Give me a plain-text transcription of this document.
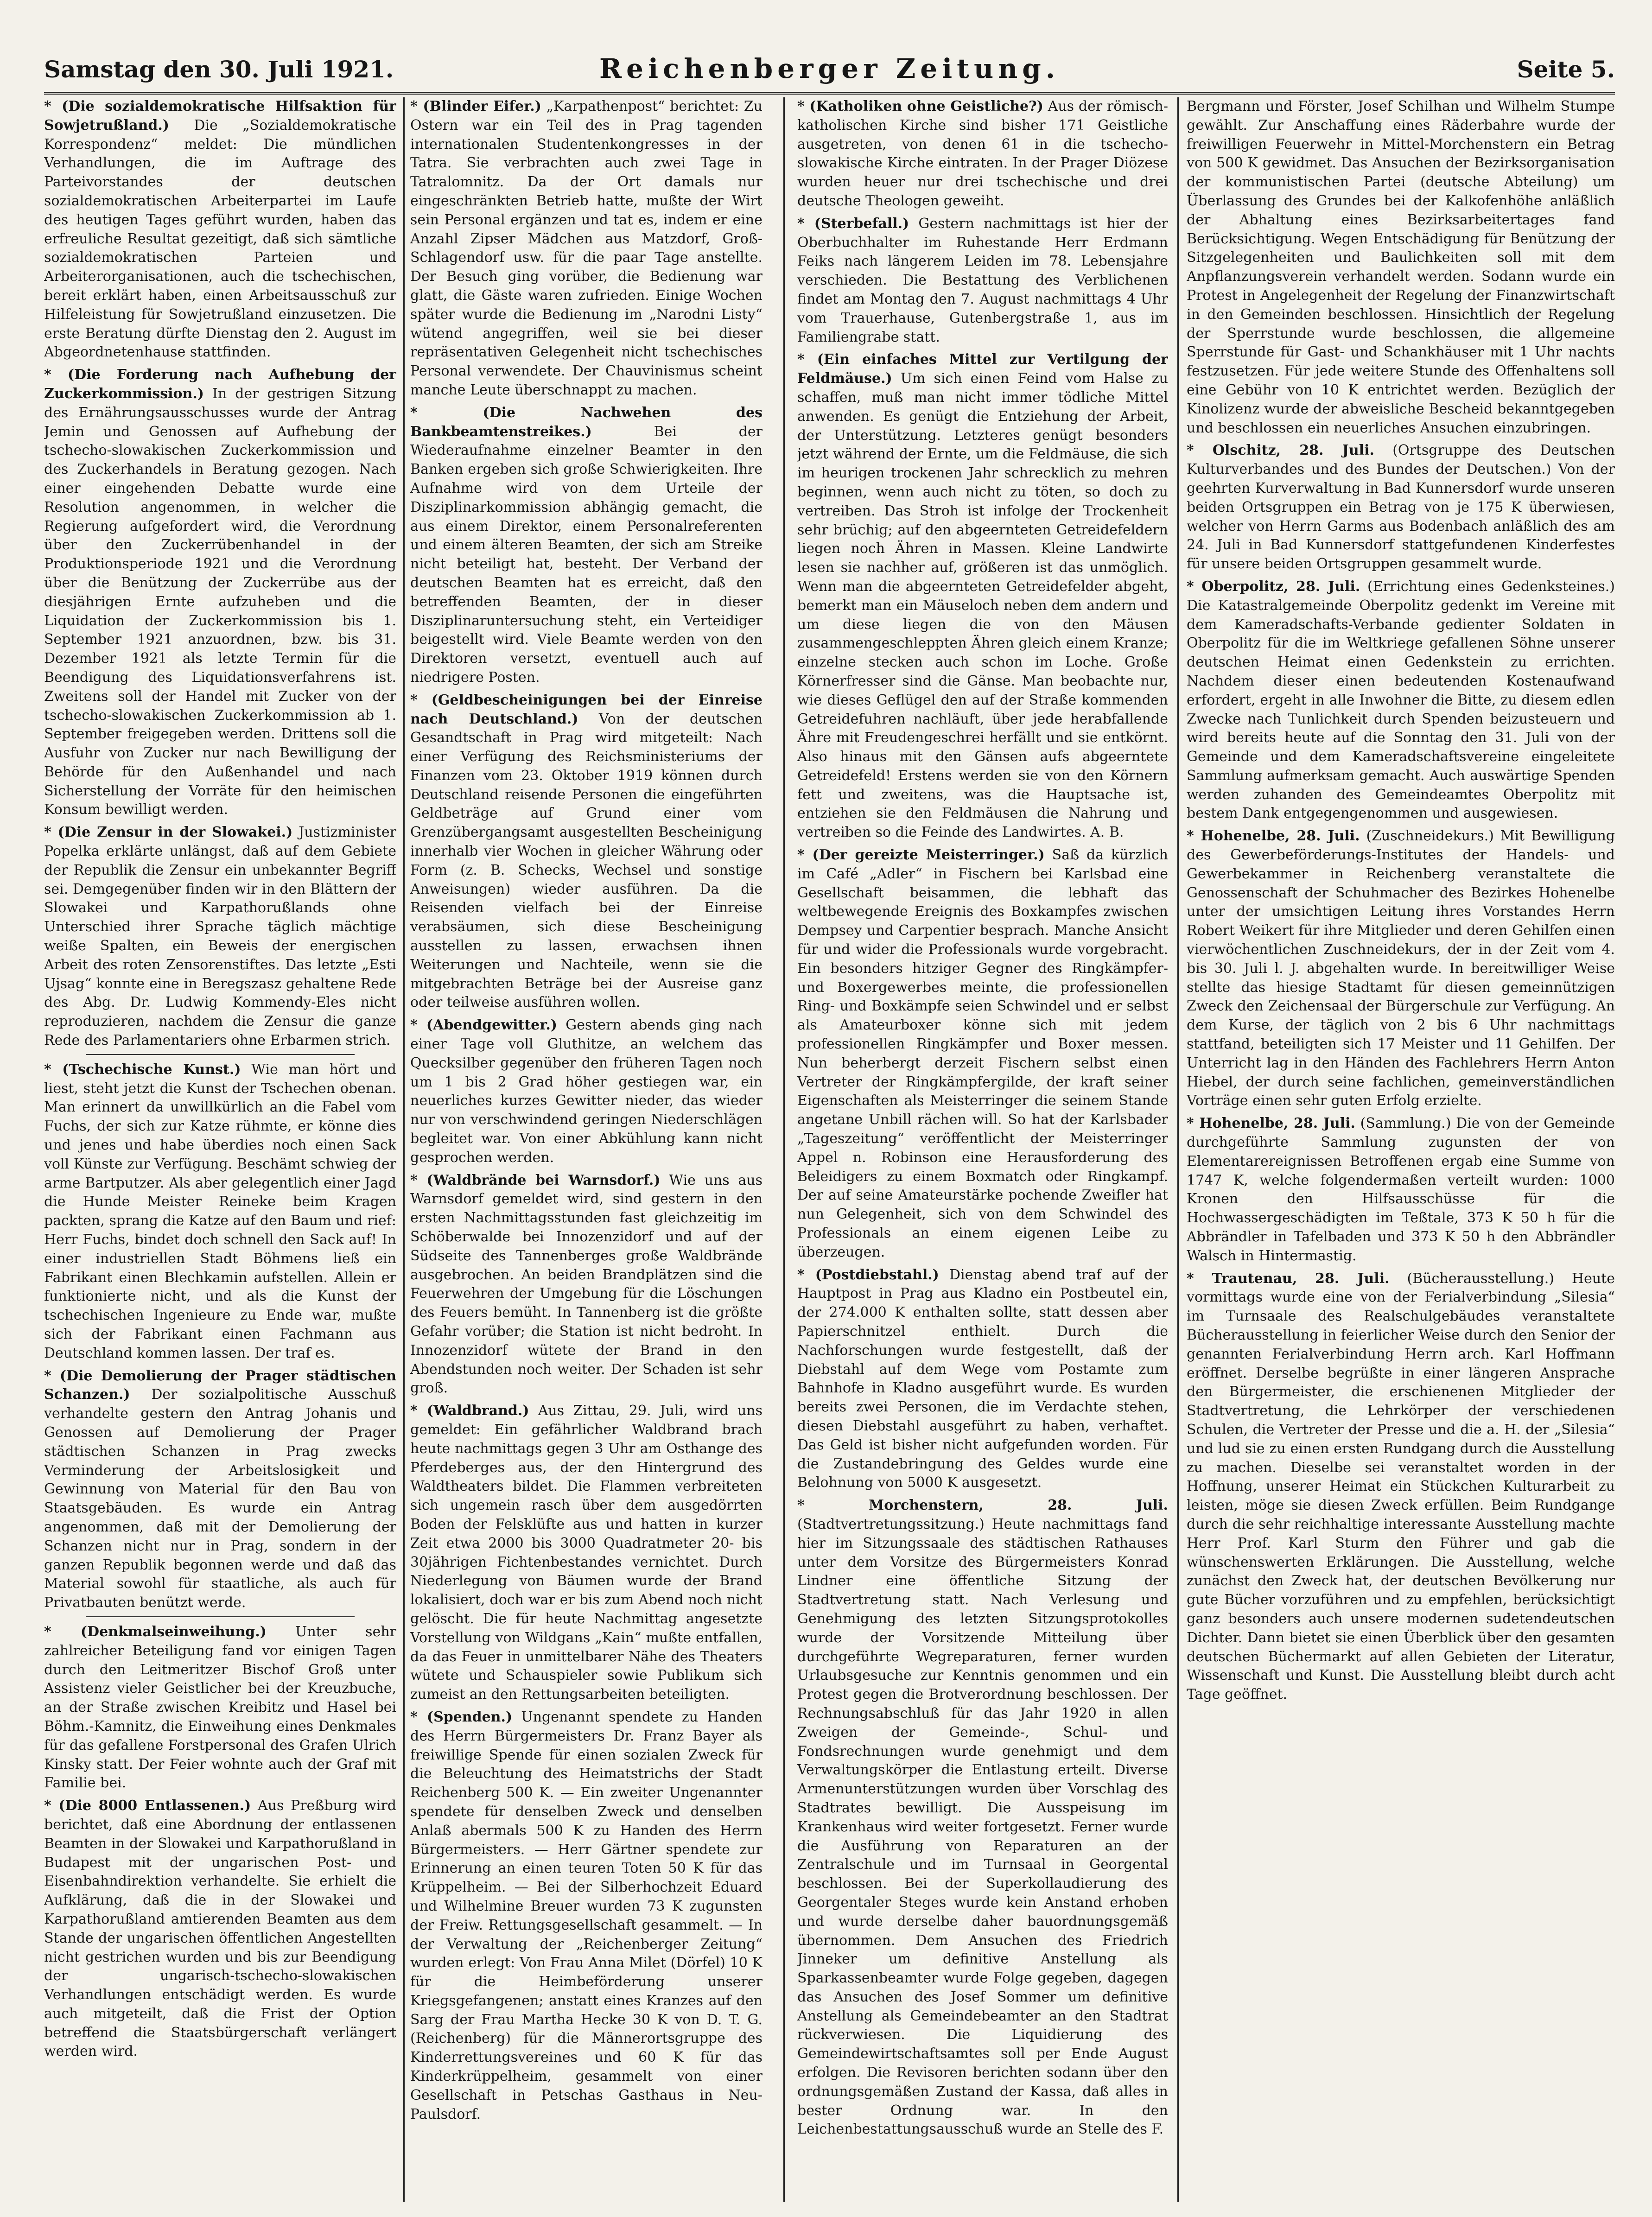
Samstag den 30. Juli 1921.	Reichenberger Zeitung.	Seite 5.

* (Die sozialdemokratische Hilfsaktion für Sowjetrußland.) Die „Sozialdemokratische Korrespondenz“ meldet: Die mündlichen Verhandlungen, die im Auftrage des Parteivorstandes der deutschen sozialdemokratischen Arbeiterpartei im Laufe des heutigen Tages geführt wurden, haben das erfreuliche Resultat gezeitigt, daß sich sämtliche sozialdemokratischen Parteien und Arbeiterorganisationen, auch die tschechischen, bereit erklärt haben, einen Arbeitsausschuß zur Hilfeleistung für Sowjetrußland einzusetzen. Die erste Beratung dürfte Dienstag den 2. August im Abgeordnetenhause stattfinden.

* (Die Forderung nach Aufhebung der Zuckerkommission.) In der gestrigen Sitzung des Ernährungsausschusses wurde der Antrag Jemin und Genossen auf Aufhebung der tschecho-slowakischen Zuckerkommission und des Zuckerhandels in Beratung gezogen. Nach einer eingehenden Debatte wurde eine Resolution angenommen, in welcher die Regierung aufgefordert wird, die Verordnung über den Zuckerrübenhandel in der Produktionsperiode 1921 und die Verordnung über die Benützung der Zuckerrübe aus der diesjährigen Ernte aufzuheben und die Liquidation der Zuckerkommission bis 1. September 1921 anzuordnen, bzw. bis 31. Dezember 1921 als letzte Termin für die Beendigung des Liquidationsverfahrens ist. Zweitens soll der Handel mit Zucker von der tschecho-slowakischen Zuckerkommission ab 1. September freigegeben werden. Drittens soll die Ausfuhr von Zucker nur nach Bewilligung der Behörde für den Außenhandel und nach Sicherstellung der Vorräte für den heimischen Konsum bewilligt werden.

* (Die Zensur in der Slowakei.) Justizminister Popelka erklärte unlängst, daß auf dem Gebiete der Republik die Zensur ein unbekannter Begriff sei. Demgegenüber finden wir in den Blättern der Slowakei und Karpathorußlands ohne Unterschied ihrer Sprache täglich mächtige weiße Spalten, ein Beweis der energischen Arbeit des roten Zensorenstiftes. Das letzte „Esti Ujsag“ konnte eine in Beregszasz gehaltene Rede des Abg. Dr. Ludwig Kommendy-Eles nicht reproduzieren, nachdem die Zensur die ganze Rede des Parlamentariers ohne Erbarmen strich.

* (Tschechische Kunst.) Wie man hört und liest, steht jetzt die Kunst der Tschechen obenan. Man erinnert da unwillkürlich an die Fabel vom Fuchs, der sich zur Katze rühmte, er könne dies und jenes und habe überdies noch einen Sack voll Künste zur Verfügung. Beschämt schwieg der arme Bartputzer. Als aber gelegentlich einer Jagd die Hunde Meister Reineke beim Kragen packten, sprang die Katze auf den Baum und rief: Herr Fuchs, bindet doch schnell den Sack auf! In einer industriellen Stadt Böhmens ließ ein Fabrikant einen Blechkamin aufstellen. Allein er funktionierte nicht, und als die Kunst der tschechischen Ingenieure zu Ende war, mußte sich der Fabrikant einen Fachmann aus Deutschland kommen lassen. Der traf es.

* (Die Demolierung der Prager städtischen Schanzen.) Der sozialpolitische Ausschuß verhandelte gestern den Antrag Johanis und Genossen auf Demolierung der Prager städtischen Schanzen in Prag zwecks Verminderung der Arbeitslosigkeit und Gewinnung von Material für den Bau von Staatsgebäuden. Es wurde ein Antrag angenommen, daß mit der Demolierung der Schanzen nicht nur in Prag, sondern in der ganzen Republik begonnen werde und daß das Material sowohl für staatliche, als auch für Privatbauten benützt werde.

* (Denkmalseinweihung.) Unter sehr zahlreicher Beteiligung fand vor einigen Tagen durch den Leitmeritzer Bischof Groß unter Assistenz vieler Geistlicher bei der Kreuzbuche, an der Straße zwischen Kreibitz und Hasel bei Böhm.-Kamnitz, die Einweihung eines Denkmales für das gefallene Forstpersonal des Grafen Ulrich Kinsky statt. Der Feier wohnte auch der Graf mit Familie bei.

* (Die 8000 Entlassenen.) Aus Preßburg wird berichtet, daß eine Abordnung der entlassenen Beamten in der Slowakei und Karpathorußland in Budapest mit der ungarischen Post- und Eisenbahndirektion verhandelte. Sie erhielt die Aufklärung, daß die in der Slowakei und Karpathorußland amtierenden Beamten aus dem Stande der ungarischen öffentlichen Angestellten nicht gestrichen wurden und bis zur Beendigung der ungarisch-tschecho-slowakischen Verhandlungen entschädigt werden. Es wurde auch mitgeteilt, daß die Frist der Option betreffend die Staatsbürgerschaft verlängert werden wird.

* (Blinder Eifer.) „Karpathenpost“ berichtet: Zu Ostern war ein Teil des in Prag tagenden internationalen Studentenkongresses in der Tatra. Sie verbrachten auch zwei Tage in Tatralomnitz. Da der Ort damals nur eingeschränkten Betrieb hatte, mußte der Wirt sein Personal ergänzen und tat es, indem er eine Anzahl Zipser Mädchen aus Matzdorf, Groß-Schlagendorf usw. für die paar Tage anstellte. Der Besuch ging vorüber, die Bedienung war glatt, die Gäste waren zufrieden. Einige Wochen später wurde die Bedienung im „Narodni Listy“ wütend angegriffen, weil sie bei dieser repräsentativen Gelegenheit nicht tschechisches Personal verwendete. Der Chauvinismus scheint manche Leute überschnappt zu machen.

* (Die Nachwehen des Bankbeamtenstreikes.) Bei der Wiederaufnahme einzelner Beamter in den Banken ergeben sich große Schwierigkeiten. Ihre Aufnahme wird von dem Urteile der Disziplinarkommission abhängig gemacht, die aus einem Direktor, einem Personalreferenten und einem älteren Beamten, der sich am Streike nicht beteiligt hat, besteht. Der Verband der deutschen Beamten hat es erreicht, daß den betreffenden Beamten, der in dieser Disziplinaruntersuchung steht, ein Verteidiger beigestellt wird. Viele Beamte werden von den Direktoren versetzt, eventuell auch auf niedrigere Posten.

* (Geldbescheinigungen bei der Einreise nach Deutschland.) Von der deutschen Gesandtschaft in Prag wird mitgeteilt: Nach einer Verfügung des Reichsministeriums der Finanzen vom 23. Oktober 1919 können durch Deutschland reisende Personen die eingeführten Geldbeträge auf Grund einer vom Grenzübergangsamt ausgestellten Bescheinigung innerhalb vier Wochen in gleicher Währung oder Form (z. B. Schecks, Wechsel und sonstige Anweisungen) wieder ausführen. Da die Reisenden vielfach bei der Einreise verabsäumen, sich diese Bescheinigung ausstellen zu lassen, erwachsen ihnen Weiterungen und Nachteile, wenn sie die mitgebrachten Beträge bei der Ausreise ganz oder teilweise ausführen wollen.

* (Abendgewitter.) Gestern abends ging nach einer Tage voll Gluthitze, an welchem das Quecksilber gegenüber den früheren Tagen noch um 1 bis 2 Grad höher gestiegen war, ein neuerliches kurzes Gewitter nieder, das wieder nur von verschwindend geringen Niederschlägen begleitet war. Von einer Abkühlung kann nicht gesprochen werden.

* (Waldbrände bei Warnsdorf.) Wie uns aus Warnsdorf gemeldet wird, sind gestern in den ersten Nachmittagsstunden fast gleichzeitig im Schöberwalde bei Innozenzidorf und auf der Südseite des Tannenberges große Waldbrände ausgebrochen. An beiden Brandplätzen sind die Feuerwehren der Umgebung für die Löschungen des Feuers bemüht. In Tannenberg ist die größte Gefahr vorüber; die Station ist nicht bedroht. In Innozenzidorf wütete der Brand in den Abendstunden noch weiter. Der Schaden ist sehr groß.

* (Waldbrand.) Aus Zittau, 29. Juli, wird uns gemeldet: Ein gefährlicher Waldbrand brach heute nachmittags gegen 3 Uhr am Osthange des Pferdeberges aus, der den Hintergrund des Waldtheaters bildet. Die Flammen verbreiteten sich ungemein rasch über dem ausgedörrten Boden der Felsklüfte aus und hatten in kurzer Zeit etwa 2000 bis 3000 Quadratmeter 20- bis 30jährigen Fichtenbestandes vernichtet. Durch Niederlegung von Bäumen wurde der Brand lokalisiert, doch war er bis zum Abend noch nicht gelöscht. Die für heute Nachmittag angesetzte Vorstellung von Wildgans „Kain“ mußte entfallen, da das Feuer in unmittelbarer Nähe des Theaters wütete und Schauspieler sowie Publikum sich zumeist an den Rettungsarbeiten beteiligten.

* (Spenden.) Ungenannt spendete zu Handen des Herrn Bürgermeisters Dr. Franz Bayer als freiwillige Spende für einen sozialen Zweck für die Beleuchtung des Heimatstrichs der Stadt Reichenberg 500 K. — Ein zweiter Ungenannter spendete für denselben Zweck und denselben Anlaß abermals 500 K zu Handen des Herrn Bürgermeisters. — Herr Gärtner spendete zur Erinnerung an einen teuren Toten 50 K für das Krüppelheim. — Bei der Silberhochzeit Eduard und Wilhelmine Breuer wurden 73 K zugunsten der Freiw. Rettungsgesellschaft gesammelt. — In der Verwaltung der „Reichenberger Zeitung“ wurden erlegt: Von Frau Anna Milet (Dörfel) 10 K für die Heimbeförderung unserer Kriegsgefangenen; anstatt eines Kranzes auf den Sarg der Frau Martha Hecke 30 K von D. T. G. (Reichenberg) für die Männerortsgruppe des Kinderrettungsvereines und 60 K für das Kinderkrüppelheim, gesammelt von einer Gesellschaft in Petschas Gasthaus in Neu-Paulsdorf.

* (Katholiken ohne Geistliche?) Aus der römisch-katholischen Kirche sind bisher 171 Geistliche ausgetreten, von denen 61 in die tschecho-slowakische Kirche eintraten. In der Prager Diözese wurden heuer nur drei tschechische und drei deutsche Theologen geweiht.

* (Sterbefall.) Gestern nachmittags ist hier der Oberbuchhalter im Ruhestande Herr Erdmann Feiks nach längerem Leiden im 78. Lebensjahre verschieden. Die Bestattung des Verblichenen findet am Montag den 7. August nachmittags 4 Uhr vom Trauerhause, Gutenbergstraße 1, aus im Familiengrabe statt.

* (Ein einfaches Mittel zur Vertilgung der Feldmäuse.) Um sich einen Feind vom Halse zu schaffen, muß man nicht immer tödliche Mittel anwenden. Es genügt die Entziehung der Arbeit, der Unterstützung. Letzteres genügt besonders jetzt während der Ernte, um die Feldmäuse, die sich im heurigen trockenen Jahr schrecklich zu mehren beginnen, wenn auch nicht zu töten, so doch zu vertreiben. Das Stroh ist infolge der Trockenheit sehr brüchig; auf den abgeernteten Getreidefeldern liegen noch Ähren in Massen. Kleine Landwirte lesen sie nachher auf, größeren ist das unmöglich. Wenn man die abgeernteten Getreidefelder abgeht, bemerkt man ein Mäuseloch neben dem andern und um diese liegen die von den Mäusen zusammengeschleppten Ähren gleich einem Kranze; einzelne stecken auch schon im Loche. Große Körnerfresser sind die Gänse. Man beobachte nur, wie dieses Geflügel den auf der Straße kommenden Getreidefuhren nachläuft, über jede herabfallende Ähre mit Freudengeschrei herfällt und sie entkörnt. Also hinaus mit den Gänsen aufs abgeerntete Getreidefeld! Erstens werden sie von den Körnern fett und zweitens, was die Hauptsache ist, entziehen sie den Feldmäusen die Nahrung und vertreiben so die Feinde des Landwirtes. A. B.

* (Der gereizte Meisterringer.) Saß da kürzlich im Café „Adler“ in Fischern bei Karlsbad eine Gesellschaft beisammen, die lebhaft das weltbewegende Ereignis des Boxkampfes zwischen Dempsey und Carpentier besprach. Manche Ansicht für und wider die Professionals wurde vorgebracht. Ein besonders hitziger Gegner des Ringkämpfer- und Boxergewerbes meinte, die professionellen Ring- und Boxkämpfe seien Schwindel und er selbst als Amateurboxer könne sich mit jedem professionellen Ringkämpfer und Boxer messen. Nun beherbergt derzeit Fischern selbst einen Vertreter der Ringkämpfergilde, der kraft seiner Eigenschaften als Meisterringer die seinem Stande angetane Unbill rächen will. So hat der Karlsbader „Tageszeitung“ veröffentlicht der Meisterringer Appel n. Robinson eine Herausforderung des Beleidigers zu einem Boxmatch oder Ringkampf. Der auf seine Amateurstärke pochende Zweifler hat nun Gelegenheit, sich von dem Schwindel des Professionals an einem eigenen Leibe zu überzeugen.

* (Postdiebstahl.) Dienstag abend traf auf der Hauptpost in Prag aus Kladno ein Postbeutel ein, der 274.000 K enthalten sollte, statt dessen aber Papierschnitzel enthielt. Durch die Nachforschungen wurde festgestellt, daß der Diebstahl auf dem Wege vom Postamte zum Bahnhofe in Kladno ausgeführt wurde. Es wurden bereits zwei Personen, die im Verdachte stehen, diesen Diebstahl ausgeführt zu haben, verhaftet. Das Geld ist bisher nicht aufgefunden worden. Für die Zustandebringung des Geldes wurde eine Belohnung von 5000 K ausgesetzt.

* Morchenstern, 28. Juli. (Stadtvertretungssitzung.) Heute nachmittags fand hier im Sitzungssaale des städtischen Rathauses unter dem Vorsitze des Bürgermeisters Konrad Lindner eine öffentliche Sitzung der Stadtvertretung statt. Nach Verlesung und Genehmigung des letzten Sitzungsprotokolles wurde der Vorsitzende Mitteilung über durchgeführte Wegreparaturen, ferner wurden Urlaubsgesuche zur Kenntnis genommen und ein Protest gegen die Brotverordnung beschlossen. Der Rechnungsabschluß für das Jahr 1920 in allen Zweigen der Gemeinde-, Schul- und Fondsrechnungen wurde genehmigt und dem Verwaltungskörper die Entlastung erteilt. Diverse Armenunterstützungen wurden über Vorschlag des Stadtrates bewilligt. Die Ausspeisung im Krankenhaus wird weiter fortgesetzt. Ferner wurde die Ausführung von Reparaturen an der Zentralschule und im Turnsaal in Georgental beschlossen. Bei der Superkollaudierung des Georgentaler Steges wurde kein Anstand erhoben und wurde derselbe daher bauordnungsgemäß übernommen. Dem Ansuchen des Friedrich Jinneker um definitive Anstellung als Sparkassenbeamter wurde Folge gegeben, dagegen das Ansuchen des Josef Sommer um definitive Anstellung als Gemeindebeamter an den Stadtrat rückverwiesen. Die Liquidierung des Gemeindewirtschaftsamtes soll per Ende August erfolgen. Die Revisoren berichten sodann über den ordnungsgemäßen Zustand der Kassa, daß alles in bester Ordnung war. In den Leichenbestattungsausschuß wurde an Stelle des F.

Bergmann und Förster, Josef Schilhan und Wilhelm Stumpe gewählt. Zur Anschaffung eines Räderbahre wurde der freiwilligen Feuerwehr in Mittel-Morchenstern ein Betrag von 500 K gewidmet. Das Ansuchen der Bezirksorganisation der kommunistischen Partei (deutsche Abteilung) um Überlassung des Grundes bei der Kalkofenhöhe anläßlich der Abhaltung eines Bezirksarbeitertages fand Berücksichtigung. Wegen Entschädigung für Benützung der Sitzgelegenheiten und Baulichkeiten soll mit dem Anpflanzungsverein verhandelt werden. Sodann wurde ein Protest in Angelegenheit der Regelung der Finanzwirtschaft in den Gemeinden beschlossen. Hinsichtlich der Regelung der Sperrstunde wurde beschlossen, die allgemeine Sperrstunde für Gast- und Schankhäuser mit 1 Uhr nachts festzusetzen. Für jede weitere Stunde des Offenhaltens soll eine Gebühr von 10 K entrichtet werden. Bezüglich der Kinolizenz wurde der abweisliche Bescheid bekanntgegeben und beschlossen ein neuerliches Ansuchen einzubringen.

* Olschitz, 28. Juli. (Ortsgruppe des Deutschen Kulturverbandes und des Bundes der Deutschen.) Von der geehrten Kurverwaltung in Bad Kunnersdorf wurde unseren beiden Ortsgruppen ein Betrag von je 175 K überwiesen, welcher von Herrn Garms aus Bodenbach anläßlich des am 24. Juli in Bad Kunnersdorf stattgefundenen Kinderfestes für unsere beiden Ortsgruppen gesammelt wurde.

* Oberpolitz, 28. Juli. (Errichtung eines Gedenksteines.) Die Katastralgemeinde Oberpolitz gedenkt im Vereine mit dem Kameradschafts-Verbande gedienter Soldaten in Oberpolitz für die im Weltkriege gefallenen Söhne unserer deutschen Heimat einen Gedenkstein zu errichten. Nachdem dieser einen bedeutenden Kostenaufwand erfordert, ergeht in alle Inwohner die Bitte, zu diesem edlen Zwecke nach Tunlichkeit durch Spenden beizusteuern und wird bereits heute auf die Sonntag den 31. Juli von der Gemeinde und dem Kameradschaftsvereine eingeleitete Sammlung aufmerksam gemacht. Auch auswärtige Spenden werden zuhanden des Gemeindeamtes Oberpolitz mit bestem Dank entgegengenommen und ausgewiesen.

* Hohenelbe, 28. Juli. (Zuschneidekurs.) Mit Bewilligung des Gewerbeförderungs-Institutes der Handels- und Gewerbekammer in Reichenberg veranstaltete die Genossenschaft der Schuhmacher des Bezirkes Hohenelbe unter der umsichtigen Leitung ihres Vorstandes Herrn Robert Weikert für ihre Mitglieder und deren Gehilfen einen vierwöchentlichen Zuschneidekurs, der in der Zeit vom 4. bis 30. Juli l. J. abgehalten wurde. In bereitwilliger Weise stellte das hiesige Stadtamt für diesen gemeinnützigen Zweck den Zeichensaal der Bürgerschule zur Verfügung. An dem Kurse, der täglich von 2 bis 6 Uhr nachmittags stattfand, beteiligten sich 17 Meister und 11 Gehilfen. Der Unterricht lag in den Händen des Fachlehrers Herrn Anton Hiebel, der durch seine fachlichen, gemeinverständlichen Vorträge einen sehr guten Erfolg erzielte.

* Hohenelbe, 28. Juli. (Sammlung.) Die von der Gemeinde durchgeführte Sammlung zugunsten der von Elementarereignissen Betroffenen ergab eine Summe von 1747 K, welche folgendermaßen verteilt wurden: 1000 Kronen den Hilfsausschüsse für die Hochwassergeschädigten im Teßtale, 373 K 50 h für die Abbrändler in Tafelbaden und 373 K 50 h den Abbrändler Walsch in Hintermastig.

* Trautenau, 28. Juli. (Bücherausstellung.) Heute vormittags wurde eine von der Ferialverbindung „Silesia“ im Turnsaale des Realschulgebäudes veranstaltete Bücherausstellung in feierlicher Weise durch den Senior der genannten Ferialverbindung Herrn arch. Karl Hoffmann eröffnet. Derselbe begrüßte in einer längeren Ansprache den Bürgermeister, die erschienenen Mitglieder der Stadtvertretung, die Lehrkörper der verschiedenen Schulen, die Vertreter der Presse und die a. H. der „Silesia“ und lud sie zu einen ersten Rundgang durch die Ausstellung zu machen. Dieselbe sei veranstaltet worden in der Hoffnung, unserer Heimat ein Stückchen Kulturarbeit zu leisten, möge sie diesen Zweck erfüllen. Beim Rundgange durch die sehr reichhaltige interessante Ausstellung machte Herr Prof. Karl Sturm den Führer und gab die wünschenswerten Erklärungen. Die Ausstellung, welche zunächst den Zweck hat, der deutschen Bevölkerung nur gute Bücher vorzuführen und zu empfehlen, berücksichtigt ganz besonders auch unsere modernen sudetendeutschen Dichter. Dann bietet sie einen Überblick über den gesamten deutschen Büchermarkt auf allen Gebieten der Literatur, Wissenschaft und Kunst. Die Ausstellung bleibt durch acht Tage geöffnet.
